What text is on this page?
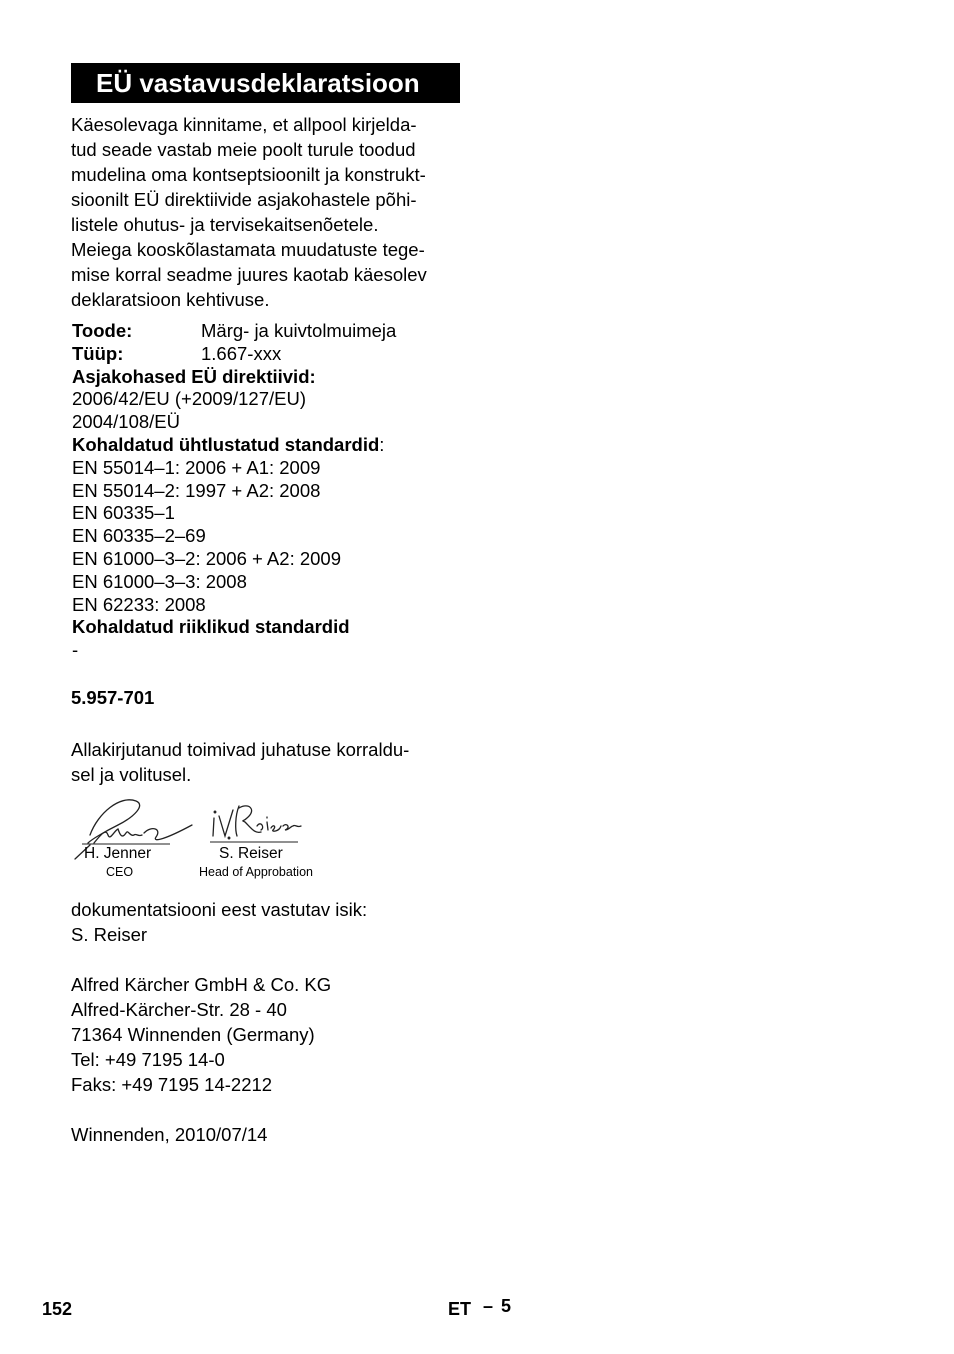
EÜ vastavusdeklaratsioon
Käesolevaga kinnitame, et allpool kirjelda-
tud seade vastab meie poolt turule toodud
mudelina oma kontseptsioonilt ja konstrukt-
sioonilt EÜ direktiivide asjakohastele põhi-
listele ohutus- ja tervisekaitsenõetele.
Meiega kooskõlastamata muudatuste tege-
mise korral seadme juures kaotab käesolev
deklaratsioon kehtivuse.
Toode:	Märg- ja kuivtolmuimeja
Tüüp:	1.667-xxx
Asjakohased EÜ direktiivid:
2006/42/EU (+2009/127/EU)
2004/108/EÜ
Kohaldatud ühtlustatud standardid:
EN 55014–1: 2006 + A1: 2009
EN 55014–2: 1997 + A2: 2008
EN 60335–1
EN 60335–2–69
EN 61000–3–2: 2006 + A2: 2009
EN 61000–3–3: 2008
EN 62233: 2008
Kohaldatud riiklikud standardid
-
5.957-701
Allakirjutanud toimivad juhatuse korraldu-
sel ja volitusel.
H. Jenner	S. Reiser
CEO	Head of Approbation
dokumentatsiooni eest vastutav isik:
S. Reiser
Alfred Kärcher GmbH & Co. KG
Alfred-Kärcher-Str. 28 - 40
71364 Winnenden (Germany)
Tel: +49 7195 14-0
Faks: +49 7195 14-2212
Winnenden, 2010/07/14
152	ET – 5
